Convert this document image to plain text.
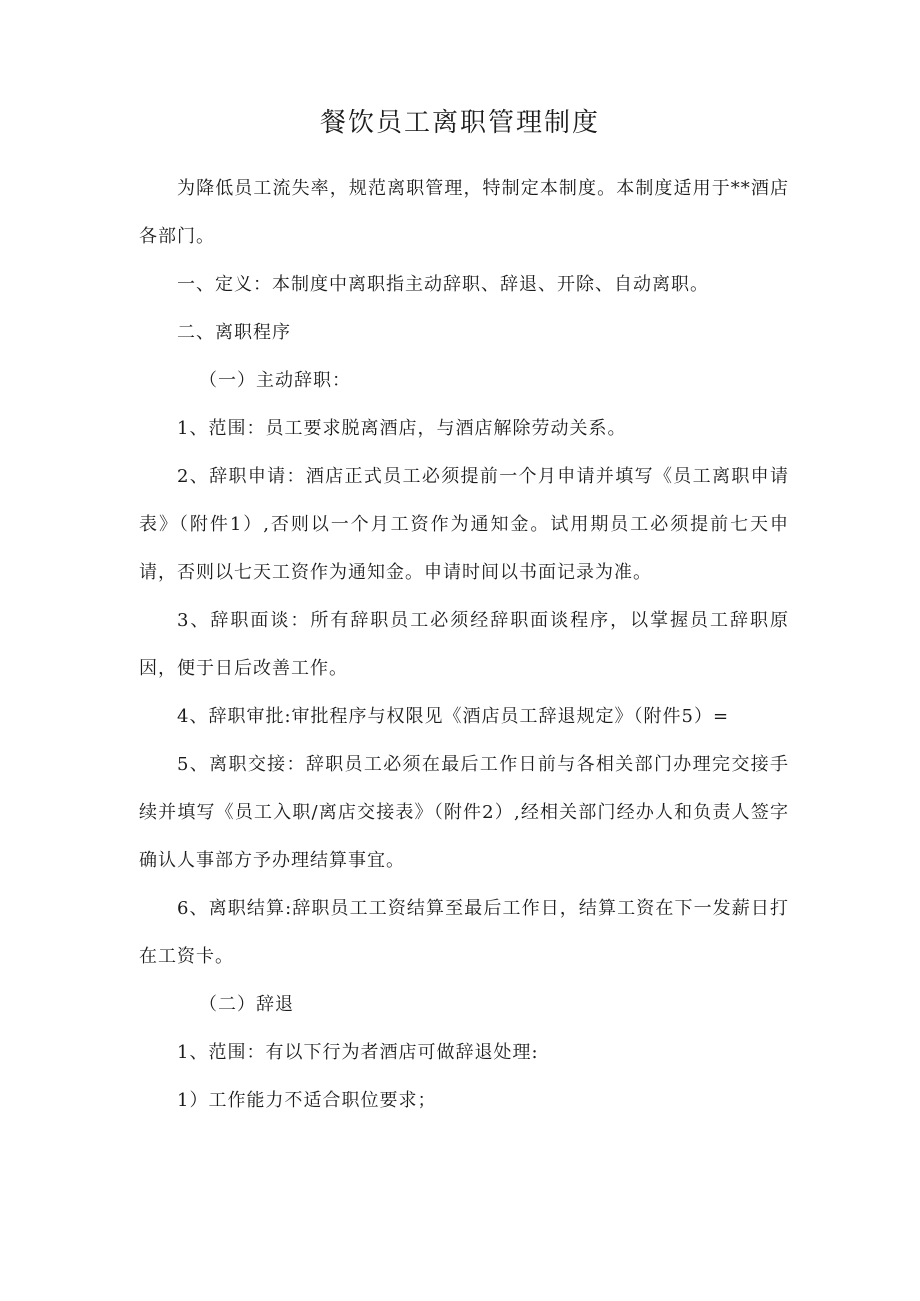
餐饮员工离职管理制度

为降低员工流失率，规范离职管理，特制定本制度。本制度适用于**酒店各部门。

一、定义：本制度中离职指主动辞职、辞退、开除、自动离职。

二、离职程序

（一）主动辞职：

1、范围：员工要求脱离酒店，与酒店解除劳动关系。

2、辞职申请：酒店正式员工必须提前一个月申请并填写《员工离职申请表》（附件1）,否则以一个月工资作为通知金。试用期员工必须提前七天申请，否则以七天工资作为通知金。申请时间以书面记录为准。

3、辞职面谈：所有辞职员工必须经辞职面谈程序，以掌握员工辞职原因，便于日后改善工作。

4、辞职审批:审批程序与权限见《酒店员工辞退规定》（附件5）=

5、离职交接：辞职员工必须在最后工作日前与各相关部门办理完交接手续并填写《员工入职/离店交接表》（附件2）,经相关部门经办人和负责人签字确认人事部方予办理结算事宜。

6、离职结算:辞职员工工资结算至最后工作日，结算工资在下一发薪日打在工资卡。

（二）辞退

1、范围：有以下行为者酒店可做辞退处理:

1）工作能力不适合职位要求；
